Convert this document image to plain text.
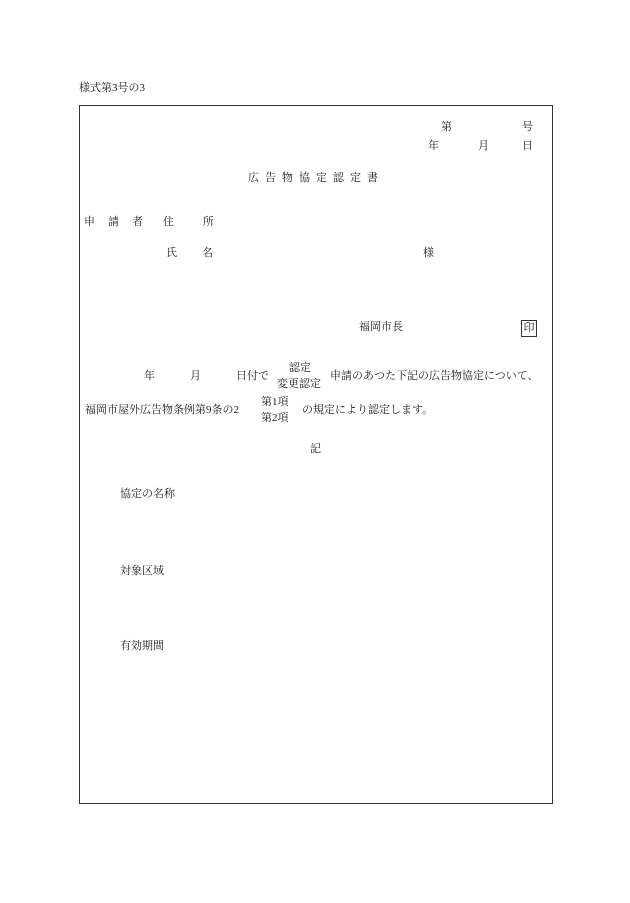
様式第3号の3
第	号
年	月	日
広告物協定認定書
申請者 住所
氏名	様
福岡市長	印
年	月	日付で
認定
変更認定
申請のあつた下記の広告物協定について、
福岡市屋外広告物条例第9条の2
第1項
第2項
の規定により認定します。
記
協定の名称
対象区域
有効期間
